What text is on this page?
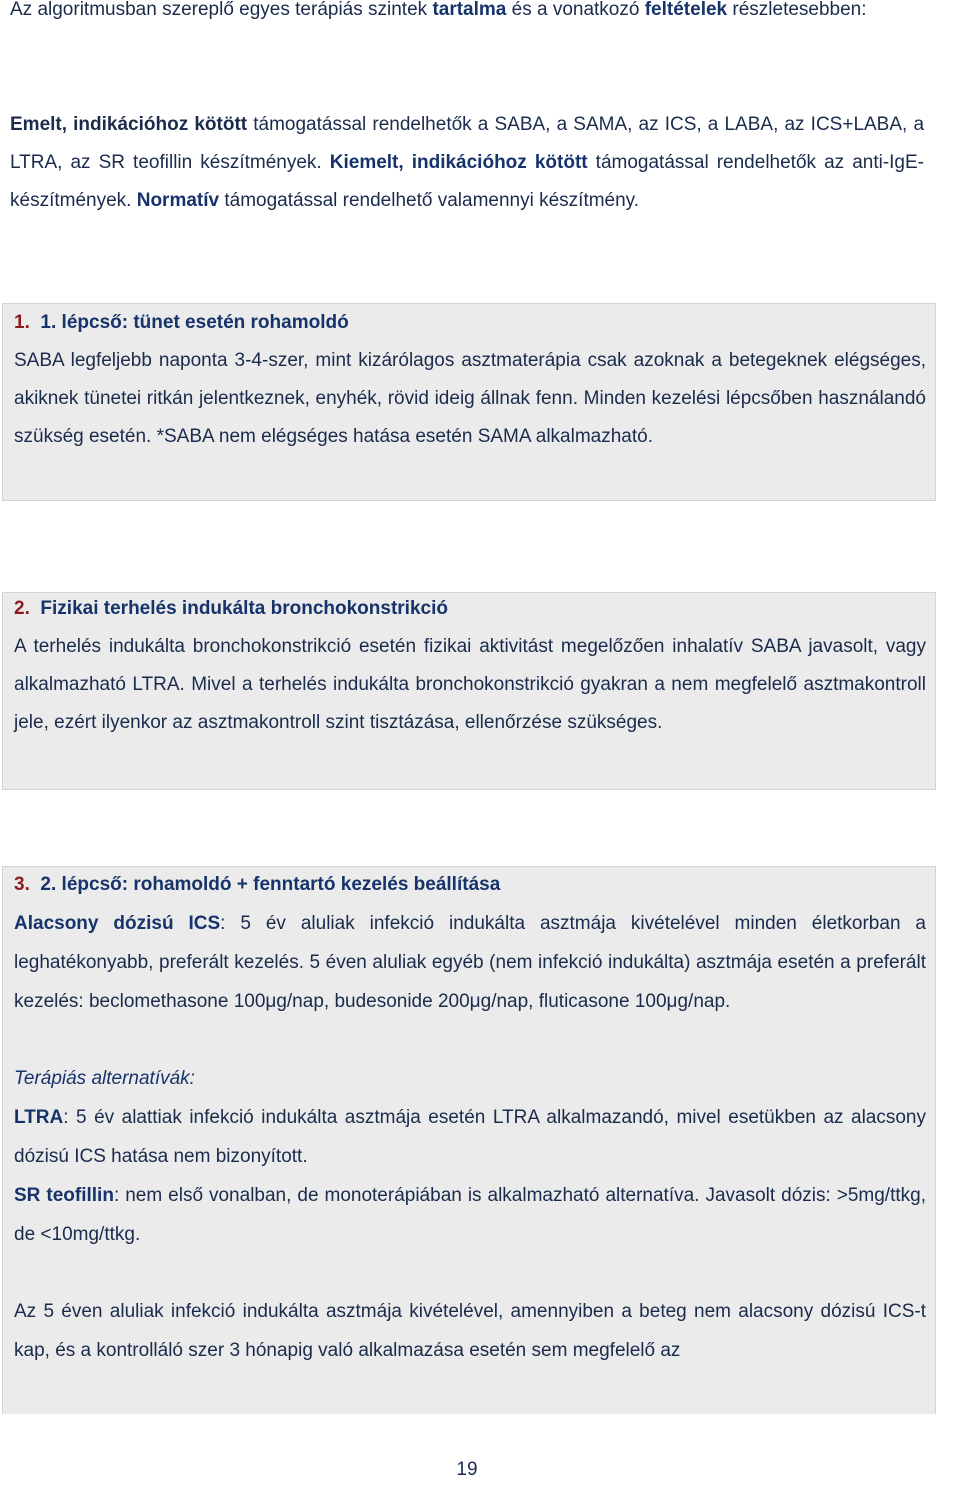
Az algoritmusban szereplő egyes terápiás szintek tartalma és a vonatkozó feltételek részletesebben:
Emelt, indikációhoz kötött támogatással rendelhetők a SABA, a SAMA, az ICS, a LABA, az ICS+LABA, a LTRA, az SR teofillin készítmények. Kiemelt, indikációhoz kötött támogatással rendelhetők az anti-IgE-készítmények. Normatív támogatással rendelhető valamennyi készítmény.
1. 1. lépcső: tünet esetén rohamoldó
SABA legfeljebb naponta 3-4-szer, mint kizárólagos asztmaterápia csak azoknak a betegeknek elégséges, akiknek tünetei ritkán jelentkeznek, enyhék, rövid ideig állnak fenn. Minden kezelési lépcsőben használandó szükség esetén. *SABA nem elégséges hatása esetén SAMA alkalmazható.
2. Fizikai terhelés indukálta bronchokonstrikció
A terhelés indukálta bronchokonstrikció esetén fizikai aktivitást megelőzően inhalatív SABA javasolt, vagy alkalmazható LTRA. Mivel a terhelés indukálta bronchokonstrikció gyakran a nem megfelelő asztmakontroll jele, ezért ilyenkor az asztmakontroll szint tisztázása, ellenőrzése szükséges.
3. 2. lépcső: rohamoldó + fenntartó kezelés beállítása
Alacsony dózisú ICS: 5 év aluliak infekció indukálta asztmája kivételével minden életkorban a leghatékonyabb, preferált kezelés. 5 éven aluliak egyéb (nem infekció indukálta) asztmája esetén a preferált kezelés: beclomethasone 100μg/nap, budesonide 200μg/nap, fluticasone 100μg/nap.
Terápiás alternatívák:
LTRA: 5 év alattiak infekció indukálta asztmája esetén LTRA alkalmazandó, mivel esetükben az alacsony dózisú ICS hatása nem bizonyított.
SR teofillin: nem első vonalban, de monoterápiában is alkalmazható alternatíva. Javasolt dózis: >5mg/ttkg, de <10mg/ttkg.
Az 5 éven aluliak infekció indukálta asztmája kivételével, amennyiben a beteg nem alacsony dózisú ICS-t kap, és a kontrolláló szer 3 hónapig való alkalmazása esetén sem megfelelő az
19
